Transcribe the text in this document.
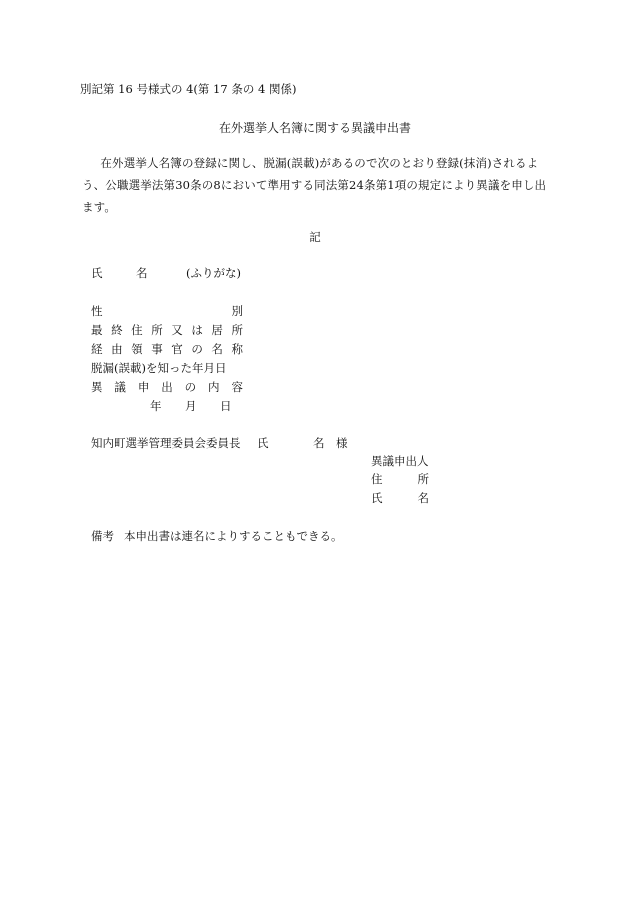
別記第 16 号様式の 4(第 17 条の 4 関係)
在外選挙人名簿に関する異議申出書
在外選挙人名簿の登録に関し、脱漏(誤載)があるので次のとおり登録(抹消)されるよう、公職選挙法第30条の8において準用する同法第24条第1項の規定により異議を申し出ます。
記
氏	名	(ふりがな)
性	別
最 終 住 所 又 は 居 所
経 由 領 事 官 の 名 称
脱漏(誤載)を知った年月日
異 議 申 出 の 内 容
年 月 日
知内町選挙管理委員会委員長 氏	名 様
異議申出人
住	所
氏	名
備考 本申出書は連名によりすることもできる。
